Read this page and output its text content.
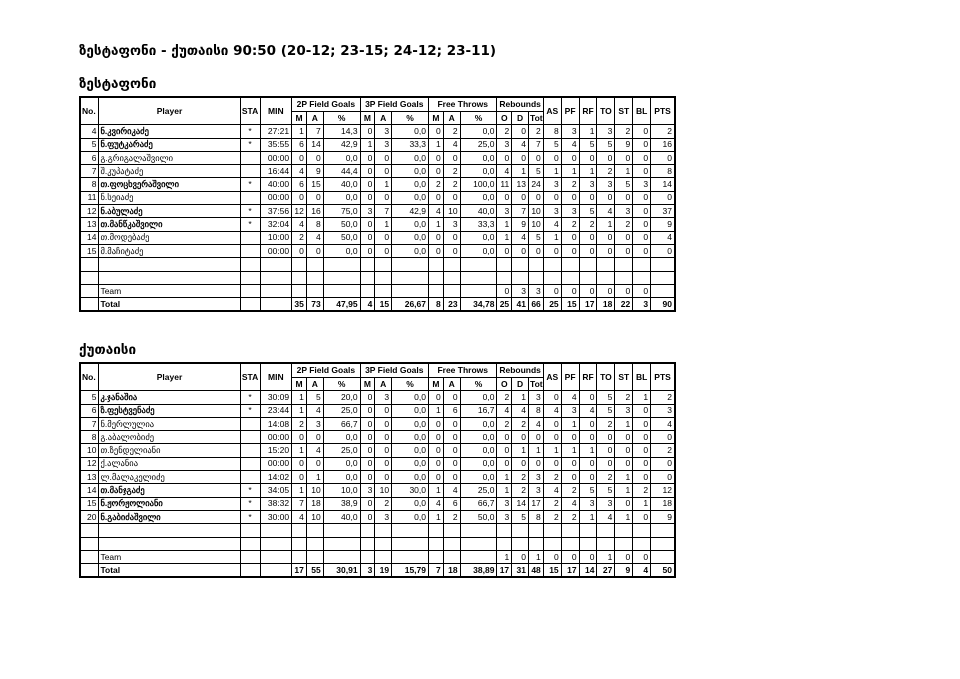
ზესტაფონი - ქუთაისი 90:50 (20-12; 23-15; 24-12; 23-11)
ზესტაფონი
ქუთაისი
No.	Player	STA	MIN	2P Field Goals			3P Field Goals			Free Throws			Rebounds			AS	PF	RF	TO	ST	BL	PTS
				M	A	%	M	A	%	M	A	%	O	D	Tot							
4	ნ.კვირიკაძე	*	27:21	1	7	14,3	0	3	0,0	0	2	0,0	2	0	2	8	3	1	3	2	0	2
5	ნ.ფუტკარაძე	*	35:55	6	14	42,9	1	3	33,3	1	4	25,0	3	4	7	5	4	5	5	9	0	16
6	გ.გრიგალაშვილი		00:00	0	0	0,0	0	0	0,0	0	0	0,0	0	0	0	0	0	0	0	0	0	0
7	შ.კუპატაძე		16:44	4	9	44,4	0	0	0,0	0	2	0,0	4	1	5	1	1	1	2	1	0	8
8	თ.ფოცხვერაშვილი	*	40:00	6	15	40,0	0	1	0,0	2	2	100,0	11	13	24	3	2	3	3	5	3	14
11	ნ.სეიაძე		00:00	0	0	0,0	0	0	0,0	0	0	0,0	0	0	0	0	0	0	0	0	0	0
12	ნ.აბულაძე	*	37:56	12	16	75,0	3	7	42,9	4	10	40,0	3	7	10	3	3	5	4	3	0	37
13	თ.მანწკაშვილი	*	32:04	4	8	50,0	0	1	0,0	1	3	33,3	1	9	10	4	2	2	1	2	0	9
14	თ.მოდებაძე		10:00	2	4	50,0	0	0	0,0	0	0	0,0	1	4	5	1	0	0	0	0	0	4
15	მ.მაჩიტაძე		00:00	0	0	0,0	0	0	0,0	0	0	0,0	0	0	0	0	0	0	0	0	0	0

	Team												0	3	3	0	0	0	0	0	0	
	Total			35	73	47,95	4	15	26,67	8	23	34,78	25	41	66	25	15	17	18	22	3	90
No.	Player	STA	MIN	2P Field Goals			3P Field Goals			Free Throws			Rebounds			AS	PF	RF	TO	ST	BL	PTS
				M	A	%	M	A	%	M	A	%	O	D	Tot							
5	კ.ჯანაშია	*	30:09	1	5	20,0	0	3	0,0	0	0	0,0	2	1	3	0	4	0	5	2	1	2
6	ზ.ფესტვენაძე	*	23:44	1	4	25,0	0	0	0,0	1	6	16,7	4	4	8	4	3	4	5	3	0	3
7	ნ.მერლულია		14:08	2	3	66,7	0	0	0,0	0	0	0,0	2	2	4	0	1	0	2	1	0	4
8	გ.აბალობიძე		00:00	0	0	0,0	0	0	0,0	0	0	0,0	0	0	0	0	0	0	0	0	0	0
10	თ.ზენდელიანი		15:20	1	4	25,0	0	0	0,0	0	0	0,0	0	1	1	1	1	1	0	0	0	2
12	ქ.ალანია		00:00	0	0	0,0	0	0	0,0	0	0	0,0	0	0	0	0	0	0	0	0	0	0
13	ლ.მალაკელიძე		14:02	0	1	0,0	0	0	0,0	0	0	0,0	1	2	3	2	0	0	2	1	0	0
14	თ.მანჯგაძე	*	34:05	1	10	10,0	3	10	30,0	1	4	25,0	1	2	3	4	2	5	5	1	2	12
15	ნ.ჟორჟოლიანი	*	38:32	7	18	38,9	0	2	0,0	4	6	66,7	3	14	17	2	4	3	3	0	1	18
20	ნ.გაბიძაშვილი	*	30:00	4	10	40,0	0	3	0,0	1	2	50,0	3	5	8	2	2	1	4	1	0	9

	Team												1	0	1	0	0	0	1	0	0	
	Total			17	55	30,91	3	19	15,79	7	18	38,89	17	31	48	15	17	14	27	9	4	50
